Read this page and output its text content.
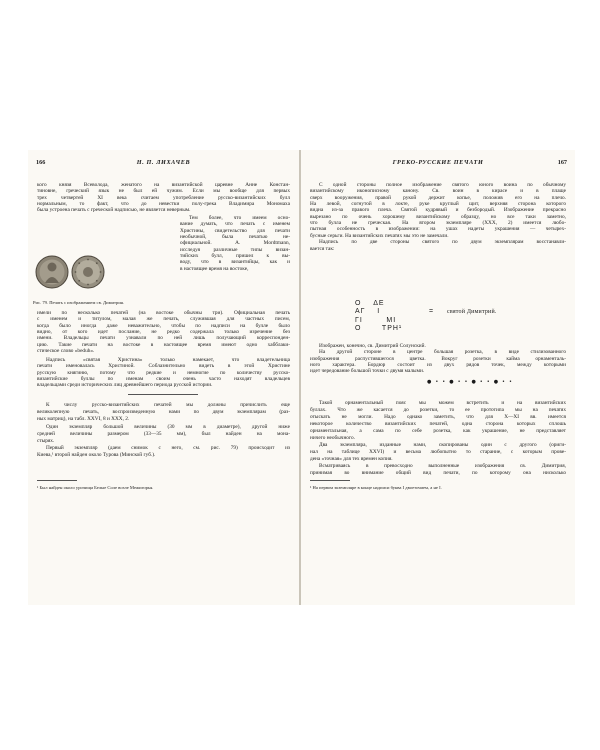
166	Н. П. ЛИХАЧЕВ
Рис. 79. Печать с изображением св. Димитрия.
кого князя Всеволода, женатого на византийской царевне Анне Констан-
тиновне, греческий язык не был ей чужим. Если мы вообще для первых
трех четвертей XI века считаем употребление русско-византийских булл
нормальным, то факт, что до невестки полу-грека Владимира Мономаха
была устроена печать с греческой надписью, не является неверным.
Тем более, что имеем осно-
вание думать, что печать с именем
Христины, свидетельство для печати
необычной, была печатью не-
официальной. А. Mordtmann,
исследуя различные типы визан-
тийских булл, пришел к вы-
воду, что в византийцы, как и
в настоящее время на востоке,
имели по несколько печатей (на востоке обычны три). Официальная печать
с именем и титулом, малая же печать, служившая для частных писем,
когда было иногда даже неважительно, чтобы по надписи на булле было
видно, от кого идет послание, не редко содержала только изречение без
имени. Владельцы печати узнавали по ней лишь получающий корреспонден-
цию. Такие печати на востоке в настоящее время имеют одно хабблаки-
стическое слово «beduh».
Надпись «святая Христина» только намекает, что владетельница
печати именовалась Христиной. Соблазнительно видеть в этой Христине
русскую княгиню, потому что редкие и немногие по количеству русско-
византийские буллы по именам своим очень часто находят владельцев
владельцами среди исторических лиц древнейшего периода русской истории.
К числу русско-византийских печатей мы должны причислить еще
великолепную печать, воспроизведенную нами по двум экземплярам (раз-
ных матриц), на табл. XXVI, 8 и XXX, 2.
Один экземпляр большой величины (30 мм в диаметре), другой ниже
средней величины размером (33—35 мм), был найден на мона-
стырях.
Первый экземпляр (даем снимок с него, см. рис. 79) происходит из
Киева,¹ второй найден около Турова (Минской губ.).
¹ Был найден около урочища Белые Соле возле Межигорья.
ГРЕКО-РУССКИЕ ПЕЧАТИ	167
О    ΔΕ
ΑΓ    Ι
ΓΙ        ΜΙ
Ο       ΤΡΗ¹
= святой Димитрий.
● • • ● • • ● • • ● • •
С одной стороны полное изображение святого юного воина по обычному
византийскому иконописному канону. Св. воин в кирасе и в плаще
сверх вооружения, правой рукой держит копье, положив его на плечо.
На левой, согнутой в локте, руке круглый щит, верхняя сторона которого
видна из-за правого плеча. Святой кудрявый и безбородый. Изображение прекрасно
вырезано по очень хорошему византийскому образцу, но все таки заметно,
что булла не греческая. На втором экземпляре (XXX, 2) имеется любо-
пытная особенность в изображении: на ушах надеты украшения — четырех-
бусные серьги. На византийских печатях мы это не замечали.
Надпись по две стороны святого по двум экземплярам восстанавли-
вается так:
Изображен, конечно, св. Димитрий Солунский.
На другой стороне в центре большая розетка, в виде стилизованного
изображения распустившегося цветка. Вокруг розетки кайма орнаменталь-
ного характера. Бордюр состоит из двух рядов точек, между которыми
идет чередование большой точки с двумя малыми.
Такой орнаментальный пояс мы можем встретить и на византийских
буллах. Что же касается до розетки, то ее прототипа мы на печатях
отыскать не могли. Надо однако заметить, что для X—XI вв. имеется
некоторое количество византийских печатей, одна сторона которых сплошь
орнаментальная, а сама по себе розетка, как украшение, не представляет
ничего необычного.
Два экземпляра, изданные нами, скопированы один с другого (ориги-
нал на таблице XXVI) и весьма любопытно то старание, с которым прове-
дена «точная» для тех времен копия.
Всматриваясь в превосходно выполненные изображения св. Димитрия,
принимая во внимание общий вид печати, по которому она нисколько
¹ На первом экземпляре в конце надписи буква Ι двоеточием, а не Ι.
